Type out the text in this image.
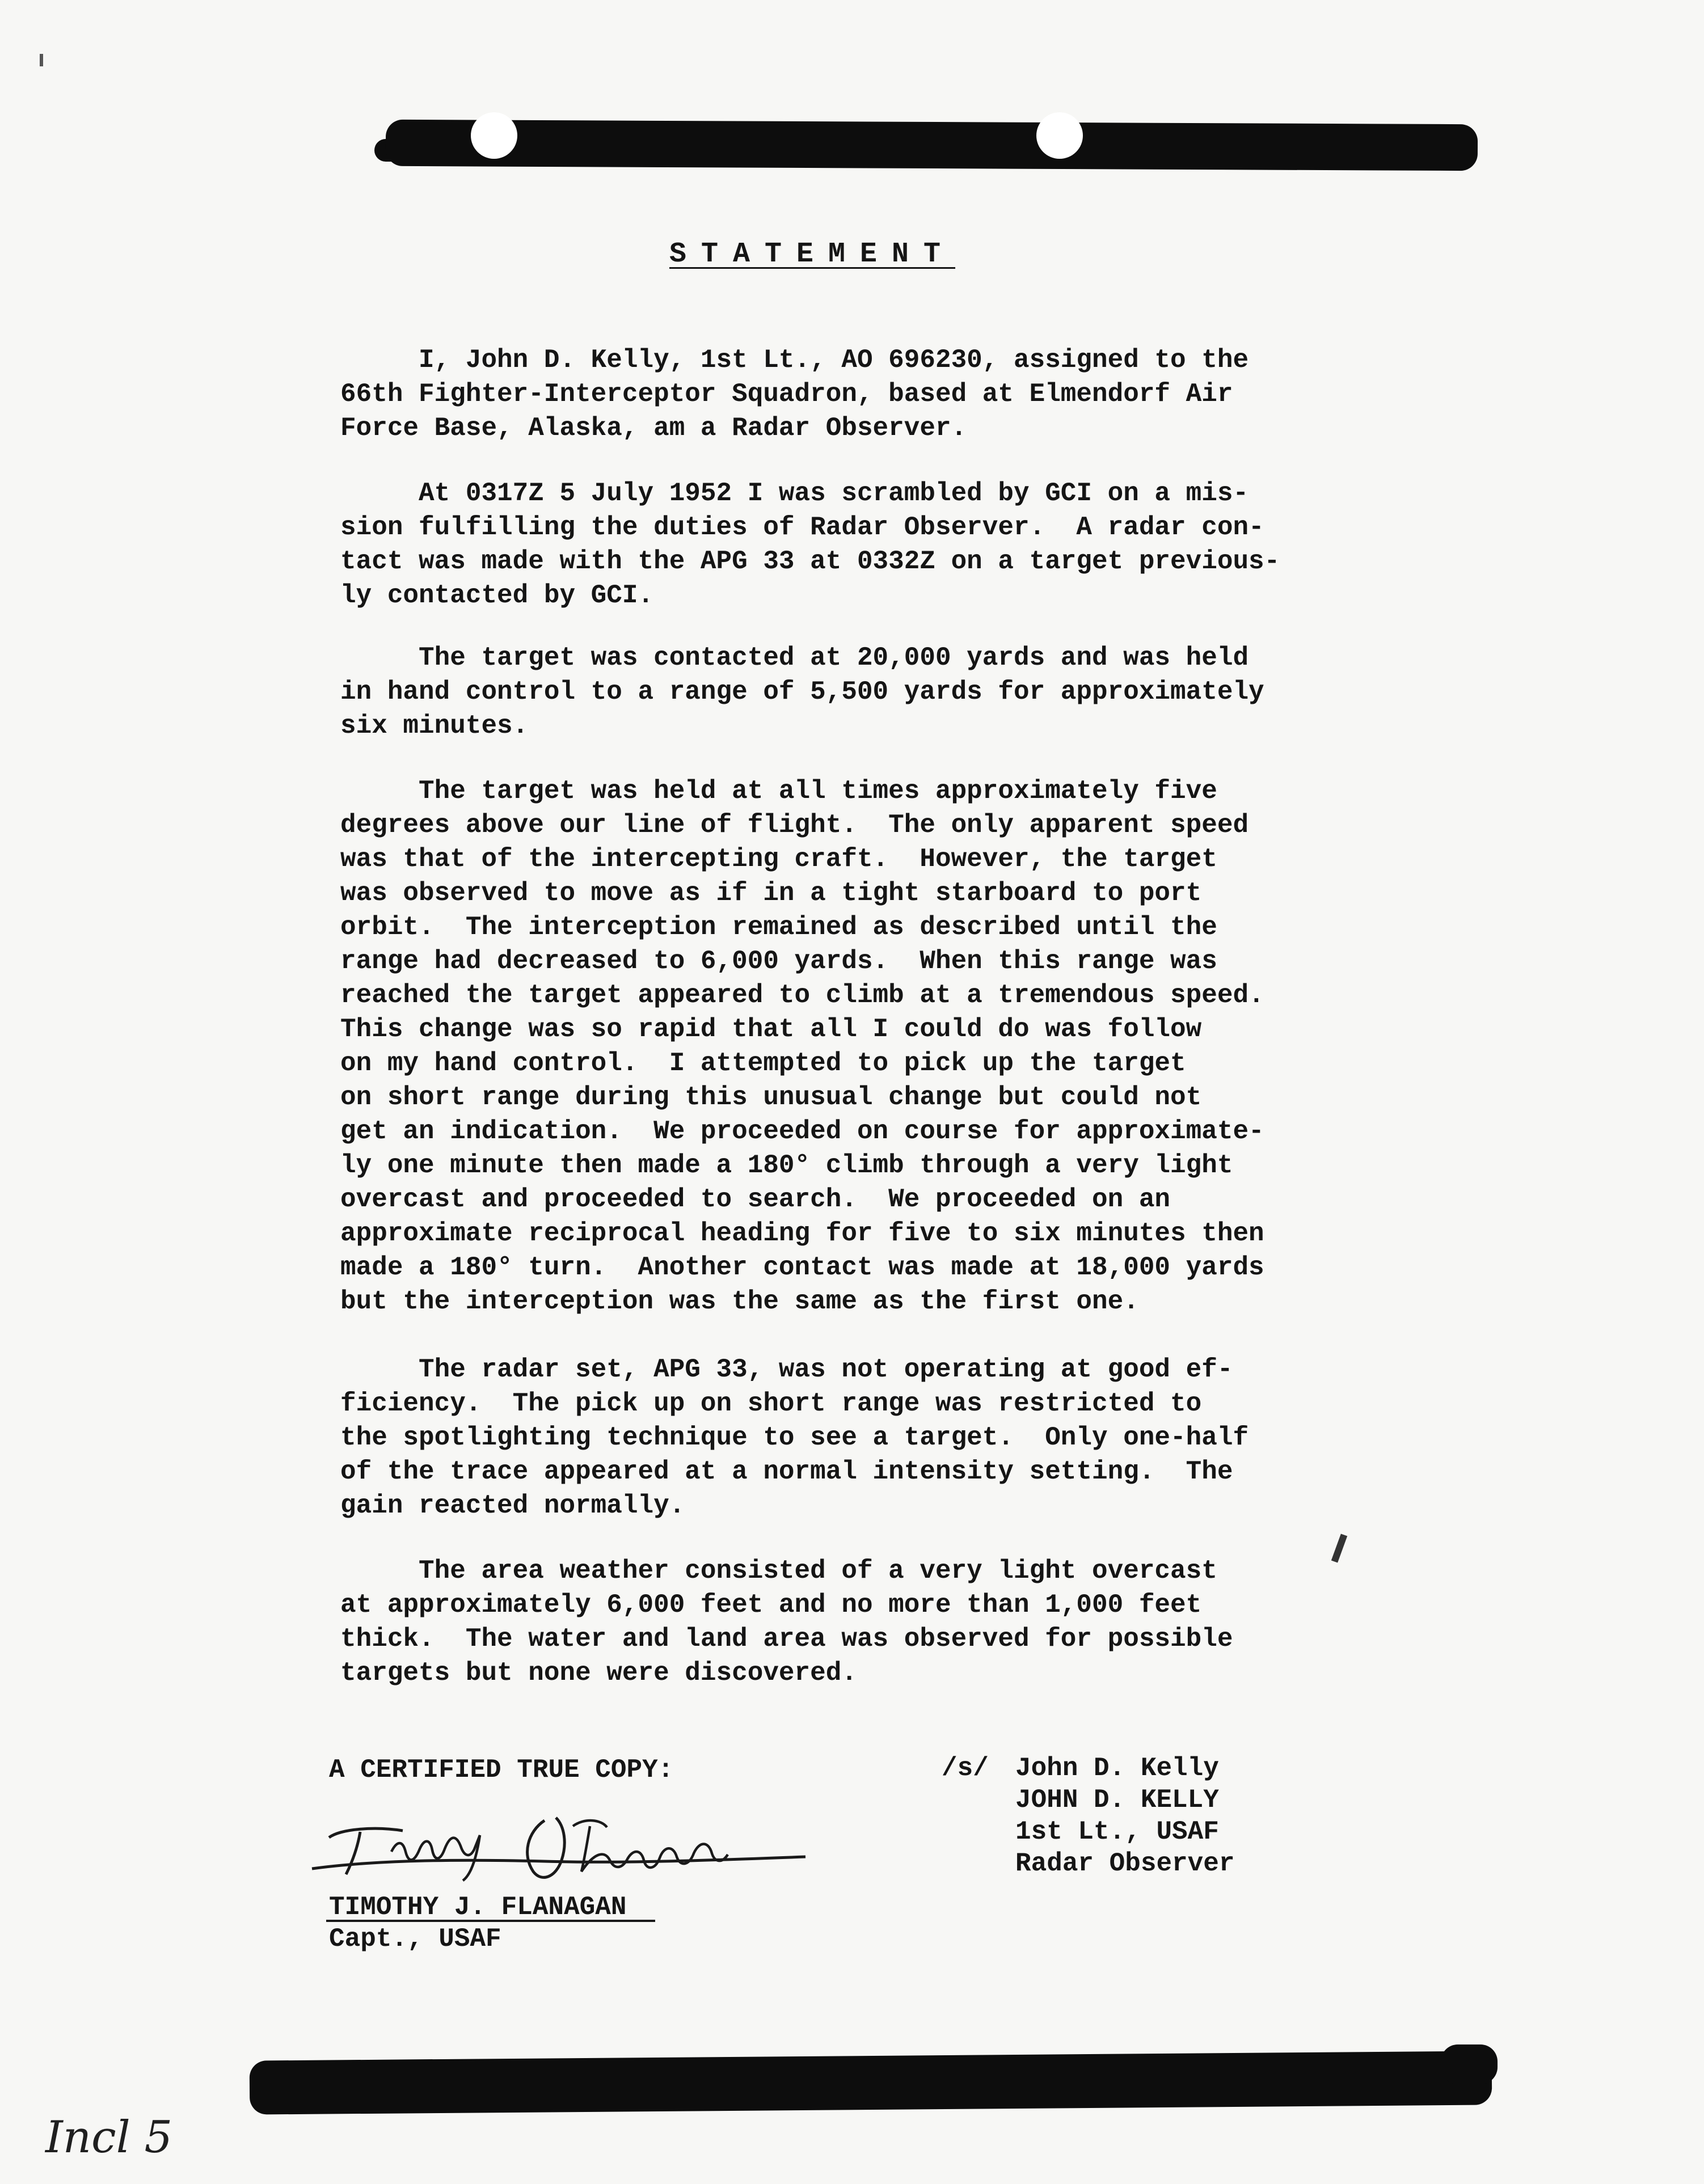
STATEMENT
I, John D. Kelly, 1st Lt., AO 696230, assigned to the
66th Fighter-Interceptor Squadron, based at Elmendorf Air
Force Base, Alaska, am a Radar Observer.
At 0317Z 5 July 1952 I was scrambled by GCI on a mis-
sion fulfilling the duties of Radar Observer.  A radar con-
tact was made with the APG 33 at 0332Z on a target previous-
ly contacted by GCI.
The target was contacted at 20,000 yards and was held
in hand control to a range of 5,500 yards for approximately
six minutes.
The target was held at all times approximately five
degrees above our line of flight.  The only apparent speed
was that of the intercepting craft.  However, the target
was observed to move as if in a tight starboard to port
orbit.  The interception remained as described until the
range had decreased to 6,000 yards.  When this range was
reached the target appeared to climb at a tremendous speed.
This change was so rapid that all I could do was follow
on my hand control.  I attempted to pick up the target
on short range during this unusual change but could not
get an indication.  We proceeded on course for approximate-
ly one minute then made a 180° climb through a very light
overcast and proceeded to search.  We proceeded on an
approximate reciprocal heading for five to six minutes then
made a 180° turn.  Another contact was made at 18,000 yards
but the interception was the same as the first one.
The radar set, APG 33, was not operating at good ef-
ficiency.  The pick up on short range was restricted to
the spotlighting technique to see a target.  Only one-half
of the trace appeared at a normal intensity setting.  The
gain reacted normally.
The area weather consisted of a very light overcast
at approximately 6,000 feet and no more than 1,000 feet
thick.  The water and land area was observed for possible
targets but none were discovered.
A CERTIFIED TRUE COPY:
TIMOTHY J. FLANAGAN
Capt., USAF
/s/ John D. Kelly
JOHN D. KELLY
1st Lt., USAF
Radar Observer
Incl 5
